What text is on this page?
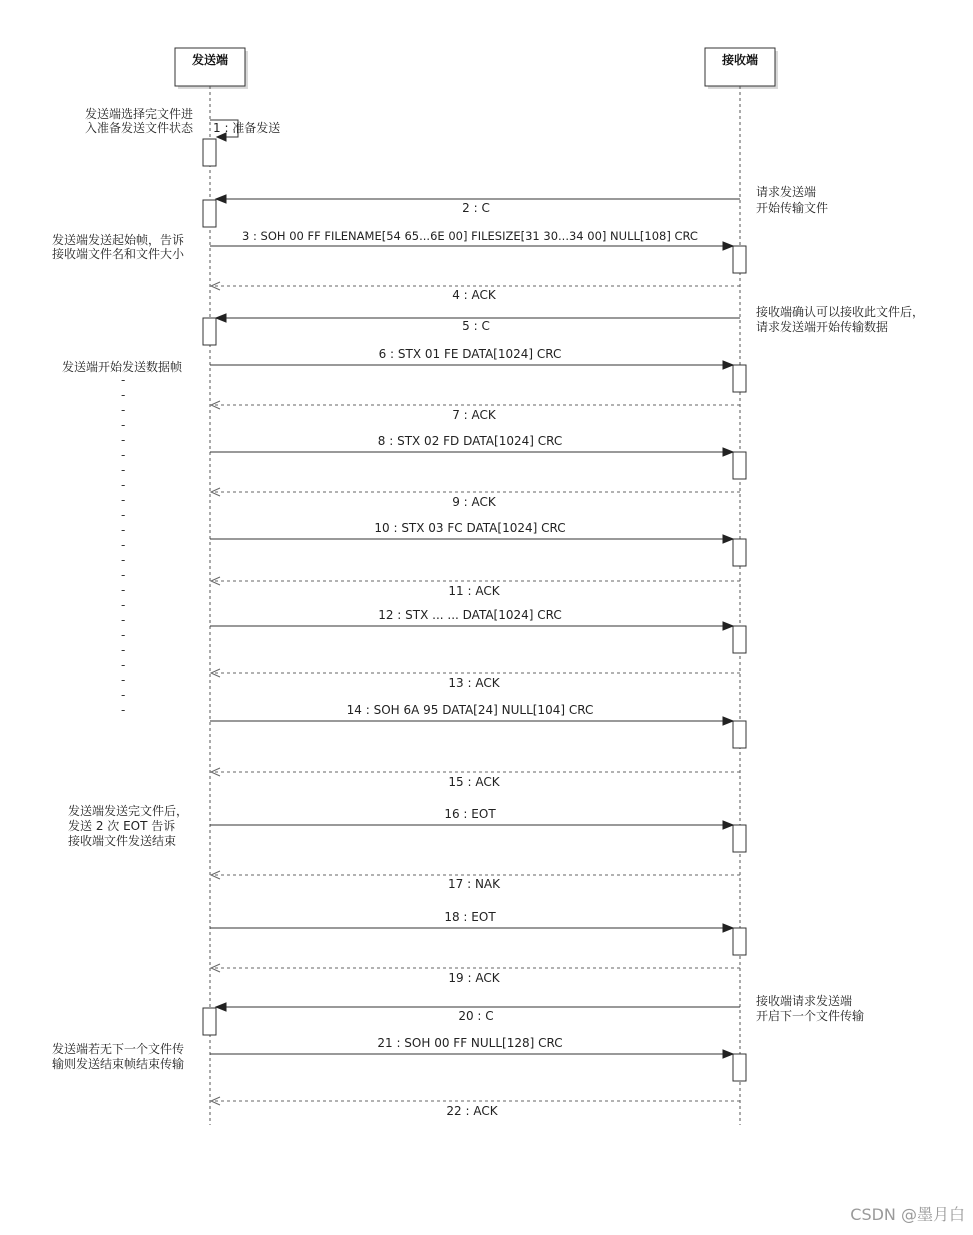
发送端	接收端
1 : 准备发送
2 : C
3 : SOH 00 FF FILENAME[54 65...6E 00] FILESIZE[31 30...34 00] NULL[108] CRC
4 : ACK
5 : C
6 : STX 01 FE DATA[1024] CRC
7 : ACK
8 : STX 02 FD DATA[1024] CRC
9 : ACK
10 : STX 03 FC DATA[1024] CRC
11 : ACK
12 : STX ... ... DATA[1024] CRC
13 : ACK
14 : SOH 6A 95 DATA[24] NULL[104] CRC
15 : ACK
16 : EOT
17 : NAK
18 : EOT
19 : ACK
20 : C
21 : SOH 00 FF NULL[128] CRC
22 : ACK
发送端选择完文件进
入准备发送文件状态
发送端发送起始帧，告诉
接收端文件名和文件大小
发送端开始发送数据帧
发送端发送完文件后，
发送 2 次 EOT 告诉
接收端文件发送结束
发送端若无下一个文件传
输则发送结束帧结束传输
请求发送端
开始传输文件
接收端确认可以接收此文件后，
请求发送端开始传输数据
接收端请求发送端
开启下一个文件传输
-
-
-
-
-
-
-
-
-
-
-
-
-
-
-
-
-
-
-
-
-
-
-
CSDN @墨月白
